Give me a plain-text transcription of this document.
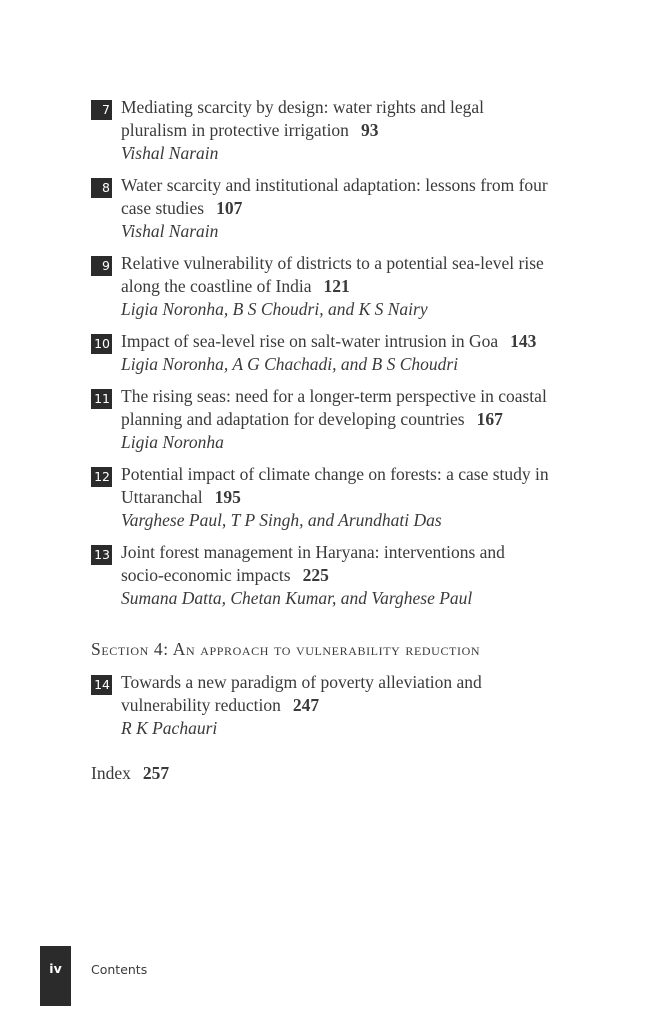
7 Mediating scarcity by design: water rights and legal pluralism in protective irrigation 93
Vishal Narain
8 Water scarcity and institutional adaptation: lessons from four case studies 107
Vishal Narain
9 Relative vulnerability of districts to a potential sea-level rise along the coastline of India 121
Ligia Noronha, B S Choudri, and K S Nairy
10 Impact of sea-level rise on salt-water intrusion in Goa 143
Ligia Noronha, A G Chachadi, and B S Choudri
11 The rising seas: need for a longer-term perspective in coastal planning and adaptation for developing countries 167
Ligia Noronha
12 Potential impact of climate change on forests: a case study in Uttaranchal 195
Varghese Paul, T P Singh, and Arundhati Das
13 Joint forest management in Haryana: interventions and socio-economic impacts 225
Sumana Datta, Chetan Kumar, and Varghese Paul
Section 4: An approach to vulnerability reduction
14 Towards a new paradigm of poverty alleviation and vulnerability reduction 247
R K Pachauri
Index 257
iv	Contents
